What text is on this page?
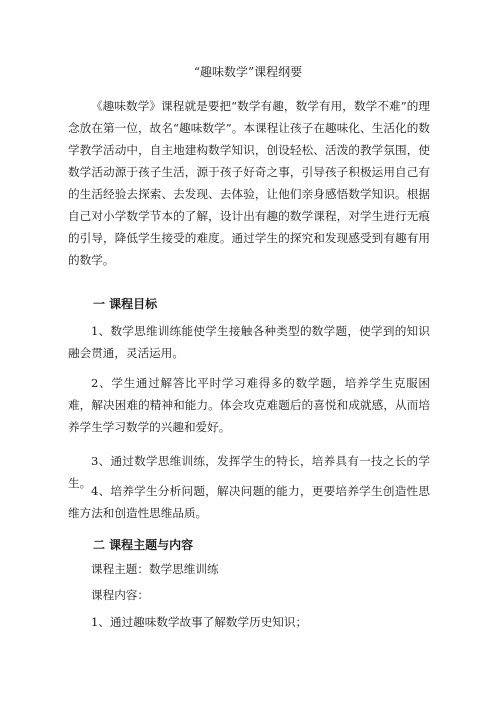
“趣味数学”课程纲要

《趣味数学》课程就是要把“数学有趣，数学有用，数学不难”的理念放在第一位，故名“趣味数学”。本课程让孩子在趣味化、生活化的数学教学活动中，自主地建构数学知识，创设轻松、活泼的教学氛围，使数学活动源于孩子生活，源于孩子好奇之事，引导孩子积极运用自己有的生活经验去探索、去发现、去体验，让他们亲身感悟数学知识。根据自己对小学数学节本的了解，设计出有趣的数学课程，对学生进行无痕的引导，降低学生接受的难度。通过学生的探究和发现感受到有趣有用的数学。

一 课程目标

1、数学思维训练能使学生接触各种类型的数学题，使学到的知识融会贯通，灵活运用。

2、学生通过解答比平时学习难得多的数学题，培养学生克服困难，解决困难的精神和能力。体会攻克难题后的喜悦和成就感，从而培养学生学习数学的兴趣和爱好。

3、通过数学思维训练，发挥学生的特长，培养具有一技之长的学生。

4、培养学生分析问题，解决问题的能力，更要培养学生创造性思维方法和创造性思维品质。

二 课程主题与内容
课程主题：数学思维训练
课程内容：
1、通过趣味数学故事了解数学历史知识；
